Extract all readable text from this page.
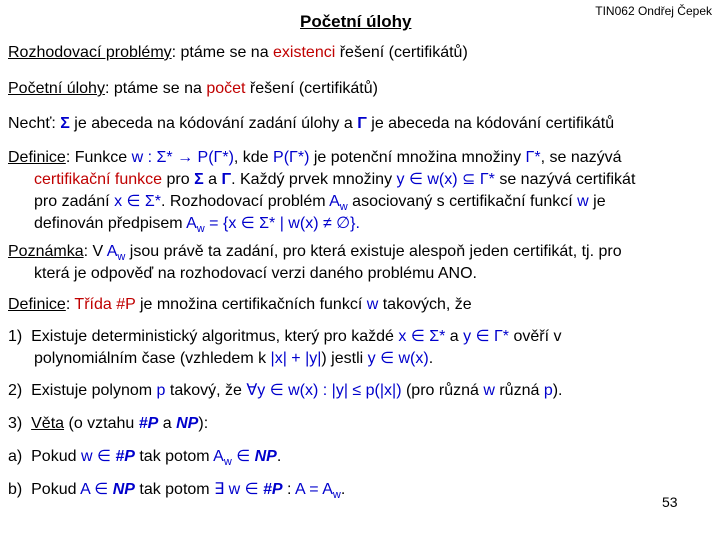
Početní úlohy

TIN062 Ondřej Čepek

Rozhodovací problémy: ptáme se na existenci řešení (certifikátů)

Početní úlohy: ptáme se na počet řešení (certifikátů)

Nechť: Σ je abeceda na kódování zadání úlohy a Γ je abeceda na kódování certifikátů

Definice: Funkce w : Σ* → P(Γ*), kde P(Γ*) je potenční množina množiny Γ*, se nazývá

certifikační funkce pro Σ a Γ. Každý prvek množiny y ∈ w(x) ⊆ Γ* se nazývá certifikát

pro zadání x ∈ Σ*. Rozhodovací problém $A_w$ asociovaný s certifikační funkcí w je

definován předpisem $A_w = \{x$ ∈ Σ* | w(x) ≠ ∅}.

Poznámka: V $A_w$ jsou právě ta zadání, pro která existuje alespoň jeden certifikát, tj. pro

která je odpověď na rozhodovací verzi daného problému ANO.

Definice: Třída #P je množina certifikačních funkcí w takových, že

1) Existuje deterministický algoritmus, který pro každé x ∈ Σ* a y ∈ Γ* ověří v

polynomiálním čase (vzhledem k |x| + |y|) jestli y ∈ w(x).

2) Existuje polynom p takový, že ∀y ∈ w(x) : |y| ≤ p(|x|) (pro různá w různá p).

3) Věta (o vztahu #P a NP):

a) Pokud w ∈ #P tak potom $A_w$ ∈ NP.

b) Pokud A ∈ NP tak potom ∃ w ∈ #P : $A = A_w$.

53
